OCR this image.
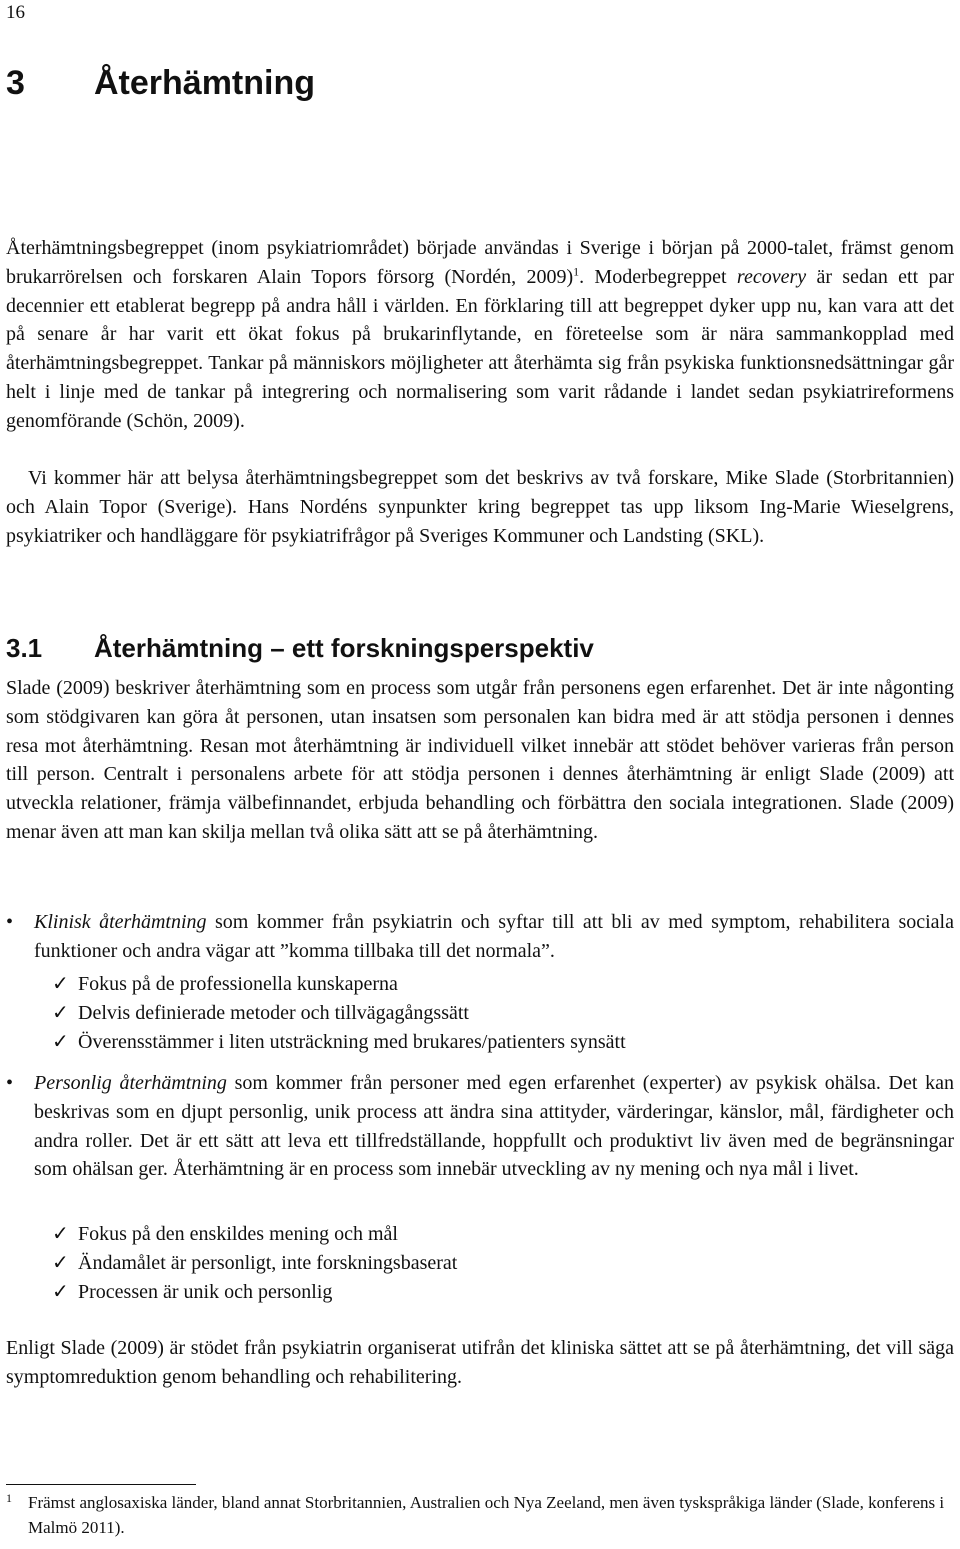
16
3 Återhämtning

Återhämtningsbegreppet (inom psykiatriområdet) började användas i Sverige i början på 2000-talet, främst genom brukarrörelsen och forskaren Alain Topors försorg (Nordén, 2009)$^1$. Moderbegreppet recovery är sedan ett par decennier ett etablerat begrepp på andra håll i världen. En förklaring till att begreppet dyker upp nu, kan vara att det på senare år har varit ett ökat fokus på brukarinflytande, en företeelse som är nära sammankopplad med återhämtningsbegreppet. Tankar på människors möjligheter att återhämta sig från psykiska funktionsnedsättningar går helt i linje med de tankar på integrering och normalisering som varit rådande i landet sedan psykiatrireformens genomförande (Schön, 2009).

Vi kommer här att belysa återhämtningsbegreppet som det beskrivs av två forskare, Mike Slade (Storbritannien) och Alain Topor (Sverige). Hans Nordéns synpunkter kring begreppet tas upp liksom Ing-Marie Wieselgrens, psykiatriker och handläggare för psykiatrifrågor på Sveriges Kommuner och Landsting (SKL).

3.1 Återhämtning – ett forskningsperspektiv

Slade (2009) beskriver återhämtning som en process som utgår från personens egen erfarenhet. Det är inte någonting som stödgivaren kan göra åt personen, utan insatsen som personalen kan bidra med är att stödja personen i dennes resa mot återhämtning. Resan mot återhämtning är individuell vilket innebär att stödet behöver varieras från person till person. Centralt i personalens arbete för att stödja personen i dennes återhämtning är enligt Slade (2009) att utveckla relationer, främja välbefinnandet, erbjuda behandling och förbättra den sociala integrationen. Slade (2009) menar även att man kan skilja mellan två olika sätt att se på återhämtning.

•	Klinisk återhämtning som kommer från psykiatrin och syftar till att bli av med symptom, rehabilitera sociala funktioner och andra vägar att ”komma tillbaka till det normala”.
✓ Fokus på de professionella kunskaperna
✓ Delvis definierade metoder och tillvägagångssätt
✓ Överensstämmer i liten utsträckning med brukares/patienters synsätt
•	Personlig återhämtning som kommer från personer med egen erfarenhet (experter) av psykisk ohälsa. Det kan beskrivas som en djupt personlig, unik process att ändra sina attityder, värderingar, känslor, mål, färdigheter och andra roller. Det är ett sätt att leva ett tillfredställande, hoppfullt och produktivt liv även med de begränsningar som ohälsan ger. Återhämtning är en process som innebär utveckling av ny mening och nya mål i livet.
✓ Fokus på den enskildes mening och mål
✓ Ändamålet är personligt, inte forskningsbaserat
✓ Processen är unik och personlig

Enligt Slade (2009) är stödet från psykiatrin organiserat utifrån det kliniska sättet att se på återhämtning, det vill säga symptomreduktion genom behandling och rehabilitering.

1 Främst anglosaxiska länder, bland annat Storbritannien, Australien och Nya Zeeland, men även tyskspråkiga länder (Slade, konferens i Malmö 2011).
